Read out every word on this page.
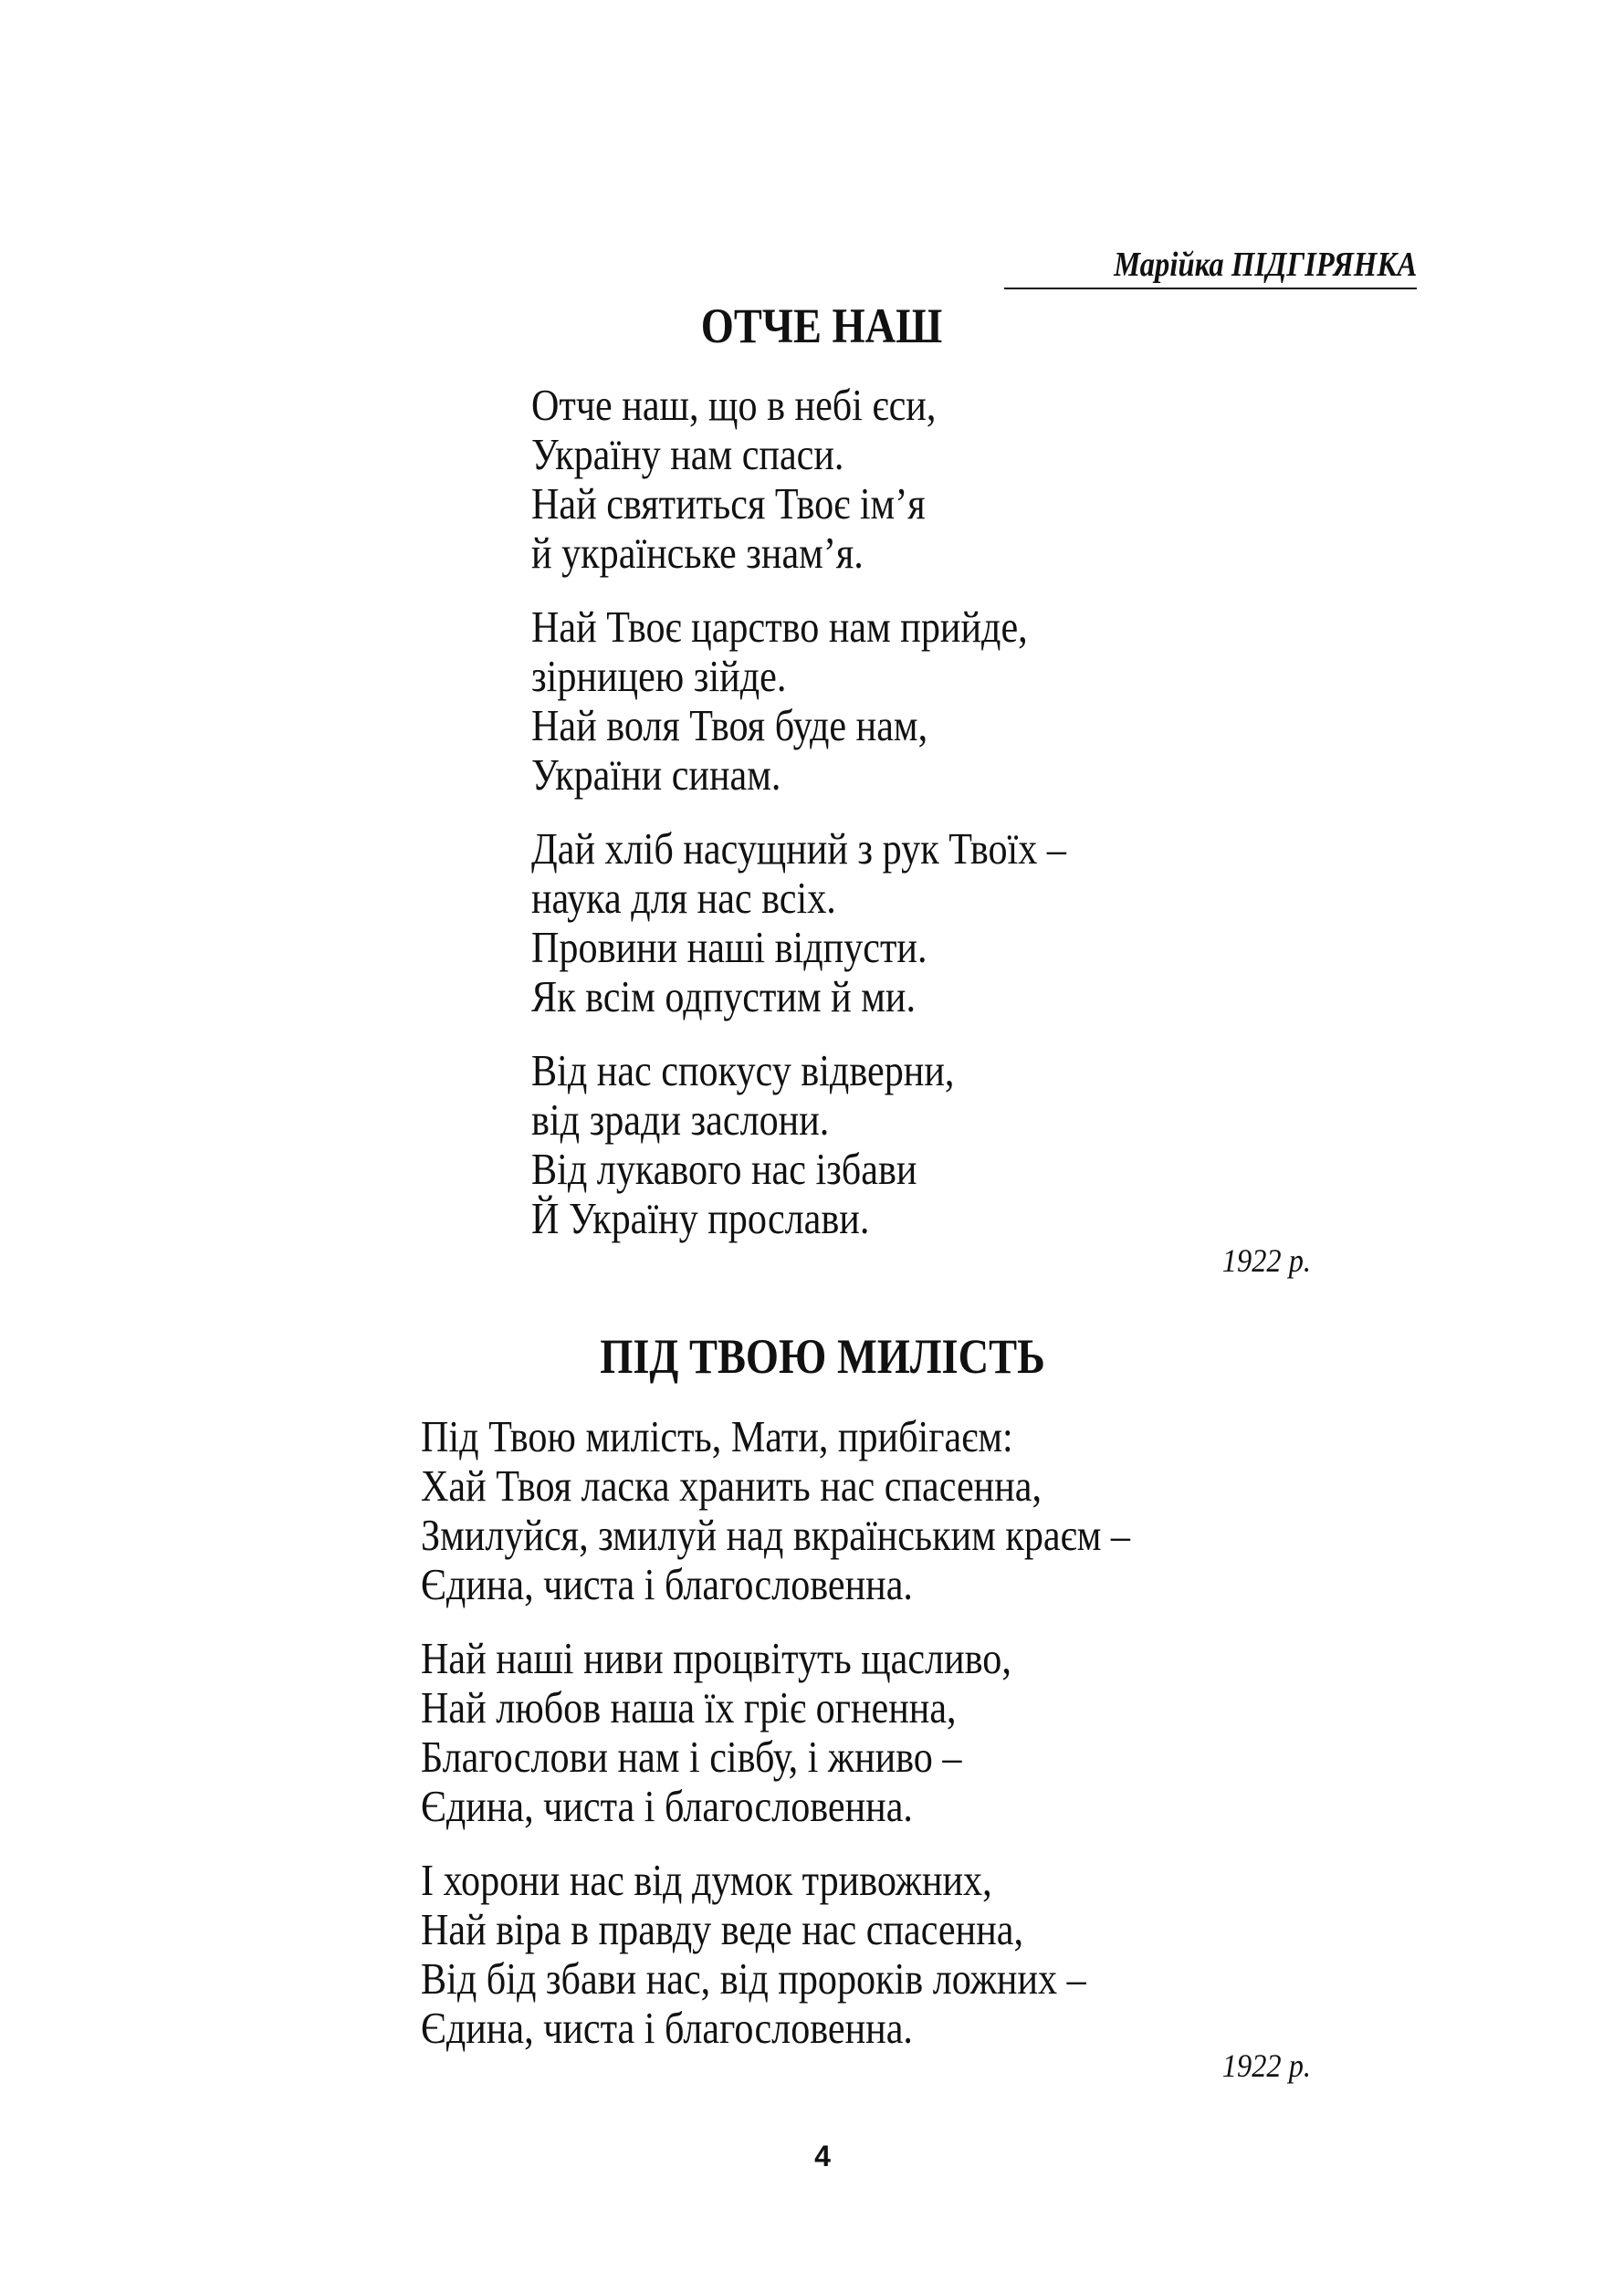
Марійка ПІДГІРЯНКА
ОТЧЕ НАШ
Отче наш, що в небі єси,
Україну нам спаси.
Най святиться Твоє ім’я
й українське знам’я.
Най Твоє царство нам прийде,
зірницею зійде.
Най воля Твоя буде нам,
України синам.
Дай хліб насущний з рук Твоїх –
наука для нас всіх.
Провини наші відпусти.
Як всім одпустим й ми.
Від нас спокусу відверни,
від зради заслони.
Від лукавого нас ізбави
Й Україну прослави.
1922 р.
ПІД ТВОЮ МИЛІСТЬ
Під Твою милість, Мати, прибігаєм:
Хай Твоя ласка хранить нас спасенна,
Змилуйся, змилуй над вкраїнським краєм –
Єдина, чиста і благословенна.
Най наші ниви процвітуть щасливо,
Най любов наша їх гріє огненна,
Благослови нам і сівбу, і жниво –
Єдина, чиста і благословенна.
І хорони нас від думок тривожних,
Най віра в правду веде нас спасенна,
Від бід збави нас, від пророків ложних –
Єдина, чиста і благословенна.
1922 р.
4
